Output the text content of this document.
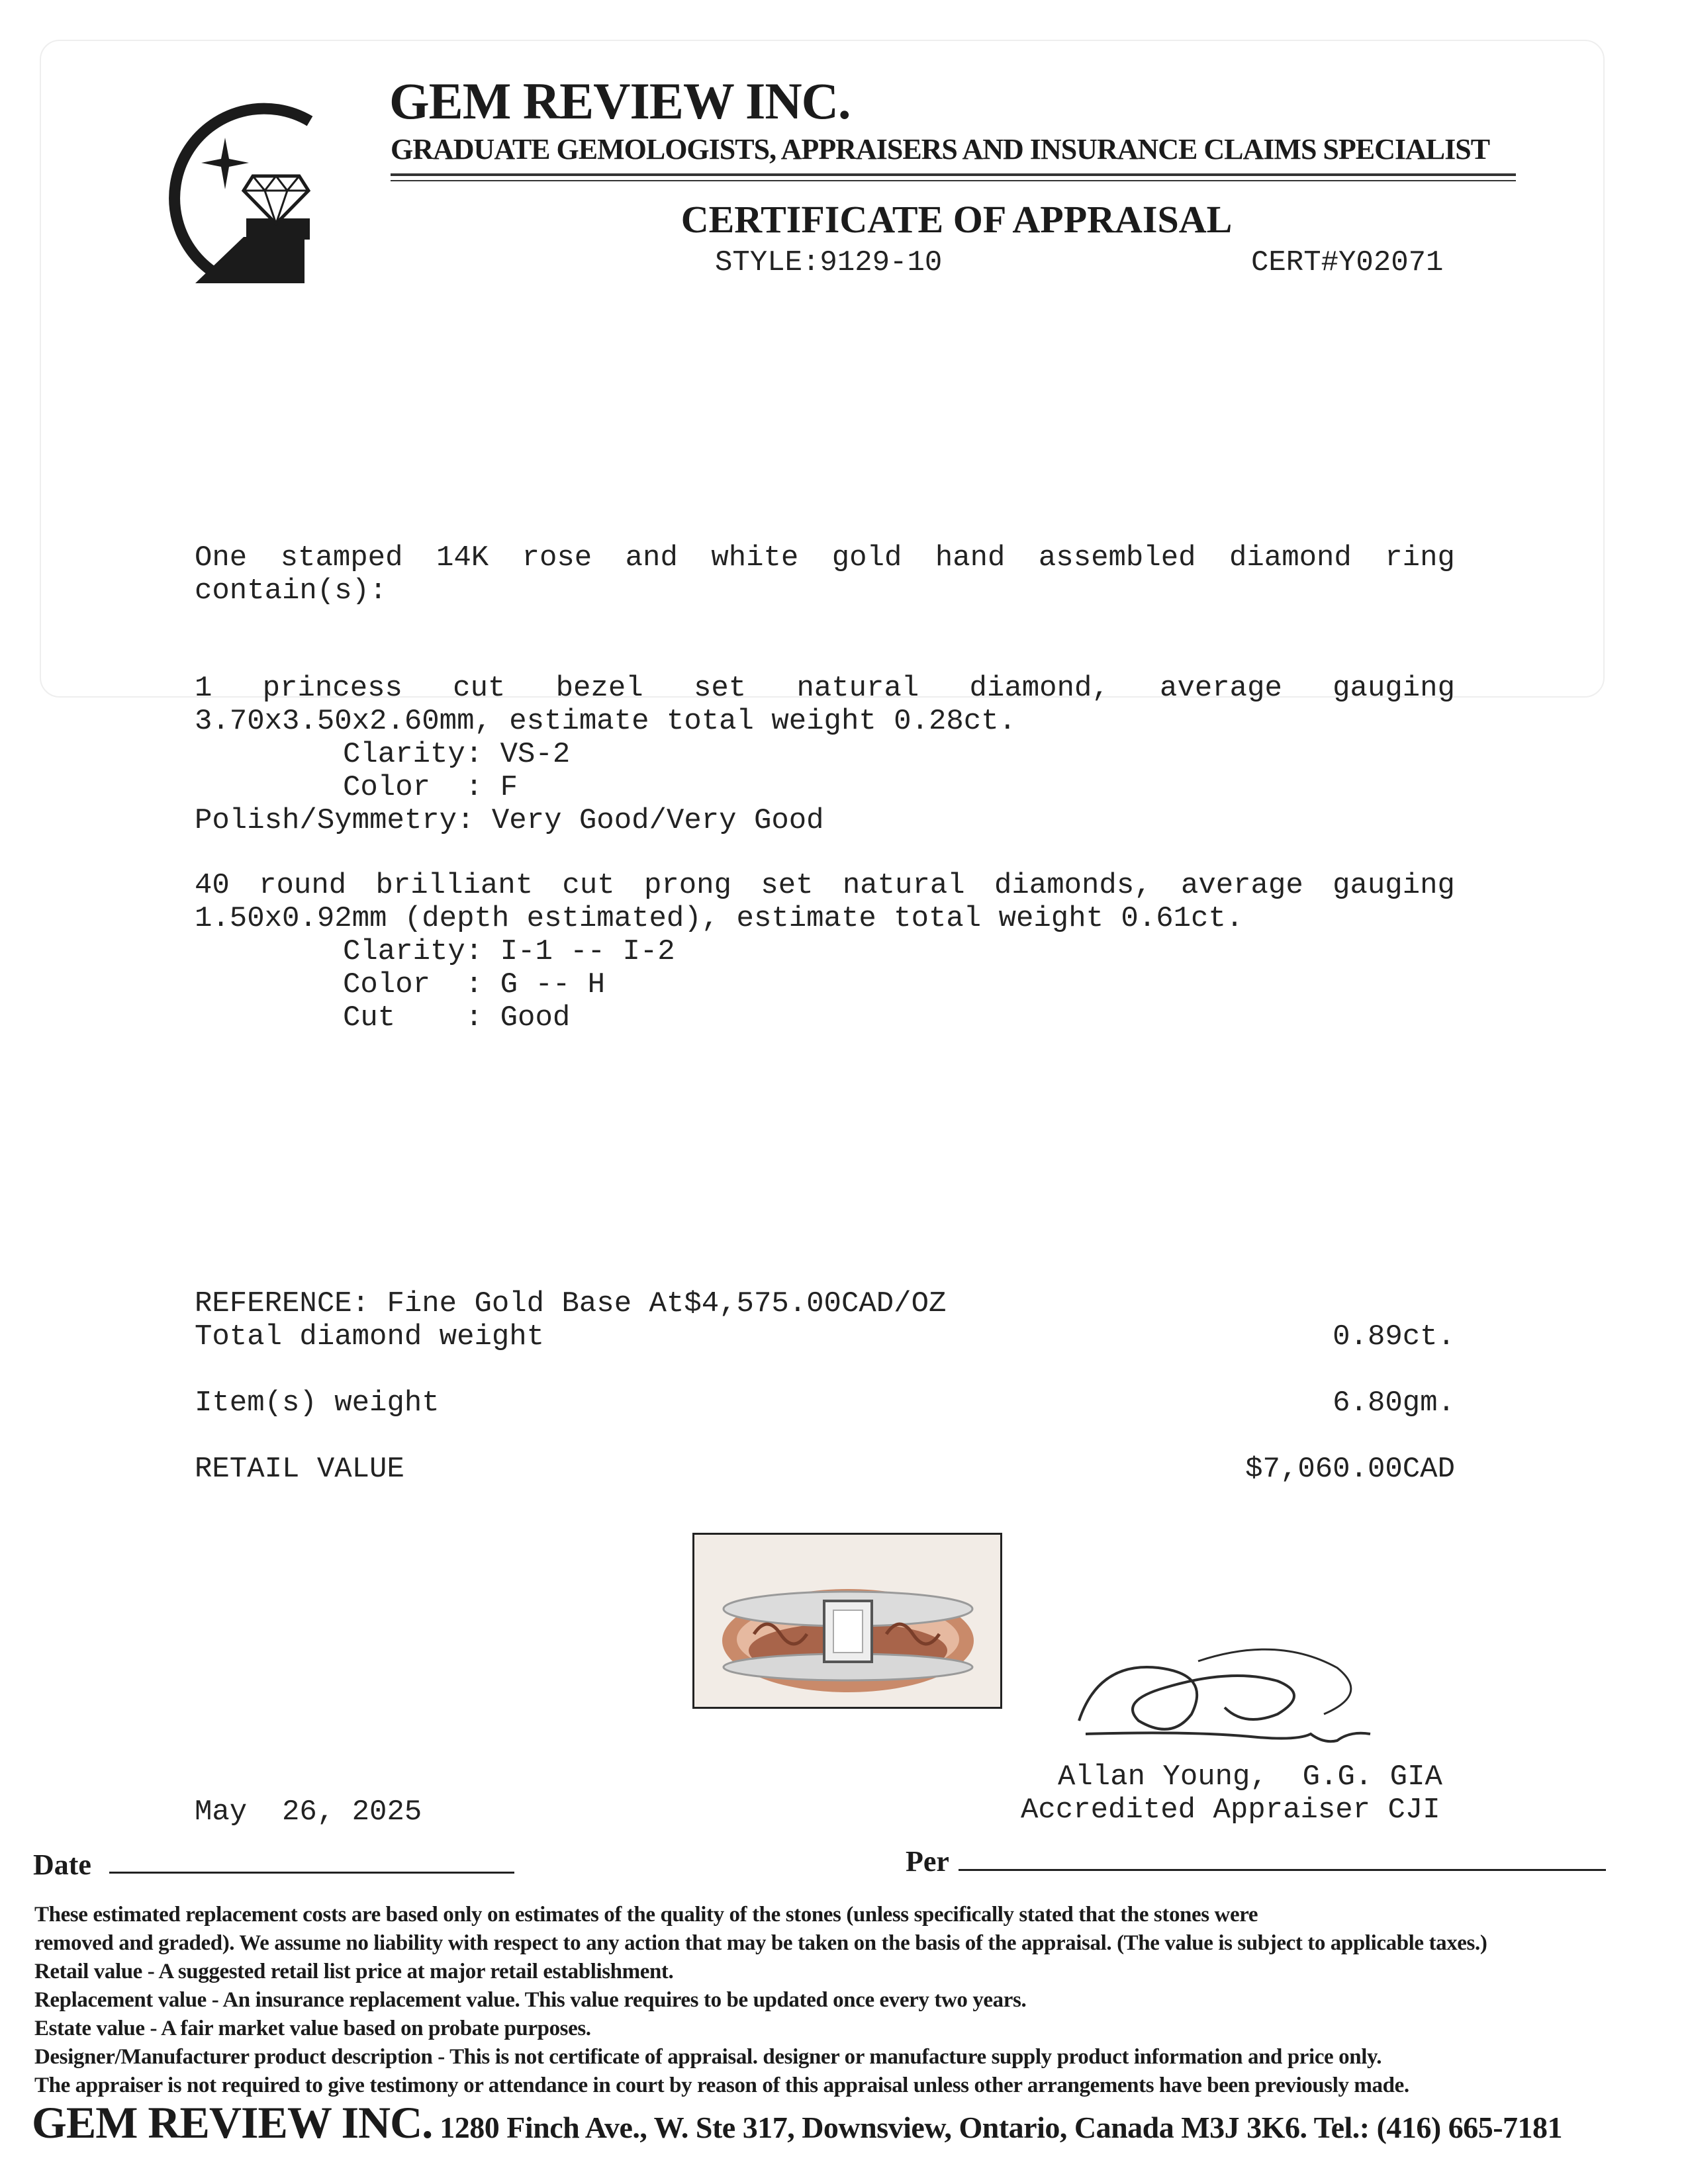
GEM REVIEW INC.
GRADUATE GEMOLOGISTS, APPRAISERS AND INSURANCE CLAIMS SPECIALIST
CERTIFICATE OF APPRAISAL
STYLE:9129-10	CERT#Y02071
One stamped 14K rose and white gold hand assembled diamond ring
contain(s):
1 princess cut bezel set natural diamond, average gauging
3.70x3.50x2.60mm, estimate total weight 0.28ct.
Clarity: VS-2
Color  : F
Polish/Symmetry: Very Good/Very Good
40 round brilliant cut prong set natural diamonds, average gauging
1.50x0.92mm (depth estimated), estimate total weight 0.61ct.
Clarity: I-1 -- I-2
Color  : G -- H
Cut    : Good
REFERENCE: Fine Gold Base At$4,575.00CAD/OZ
Total diamond weight	0.89ct.
Item(s) weight	6.80gm.
RETAIL VALUE	$7,060.00CAD
Allan Young,  G.G. GIA
Accredited Appraiser CJI
May  26, 2025
Date	Per
These estimated replacement costs are based only on estimates of the quality of the stones (unless specifically stated that the stones were
removed and graded). We assume no liability with respect to any action that may be taken on the basis of the appraisal. (The value is subject to applicable taxes.)
Retail value - A suggested retail list price at major retail establishment.
Replacement value - An insurance replacement value. This value requires to be updated once every two years.
Estate value - A fair market value based on probate purposes.
Designer/Manufacturer product description - This is not certificate of appraisal. designer or manufacture supply product information and price only.
The appraiser is not required to give testimony or attendance in court by reason of this appraisal unless other arrangements have been previously made.
GEM REVIEW INC. 1280 Finch Ave., W. Ste 317, Downsview, Ontario, Canada M3J 3K6. Tel.: (416) 665-7181
